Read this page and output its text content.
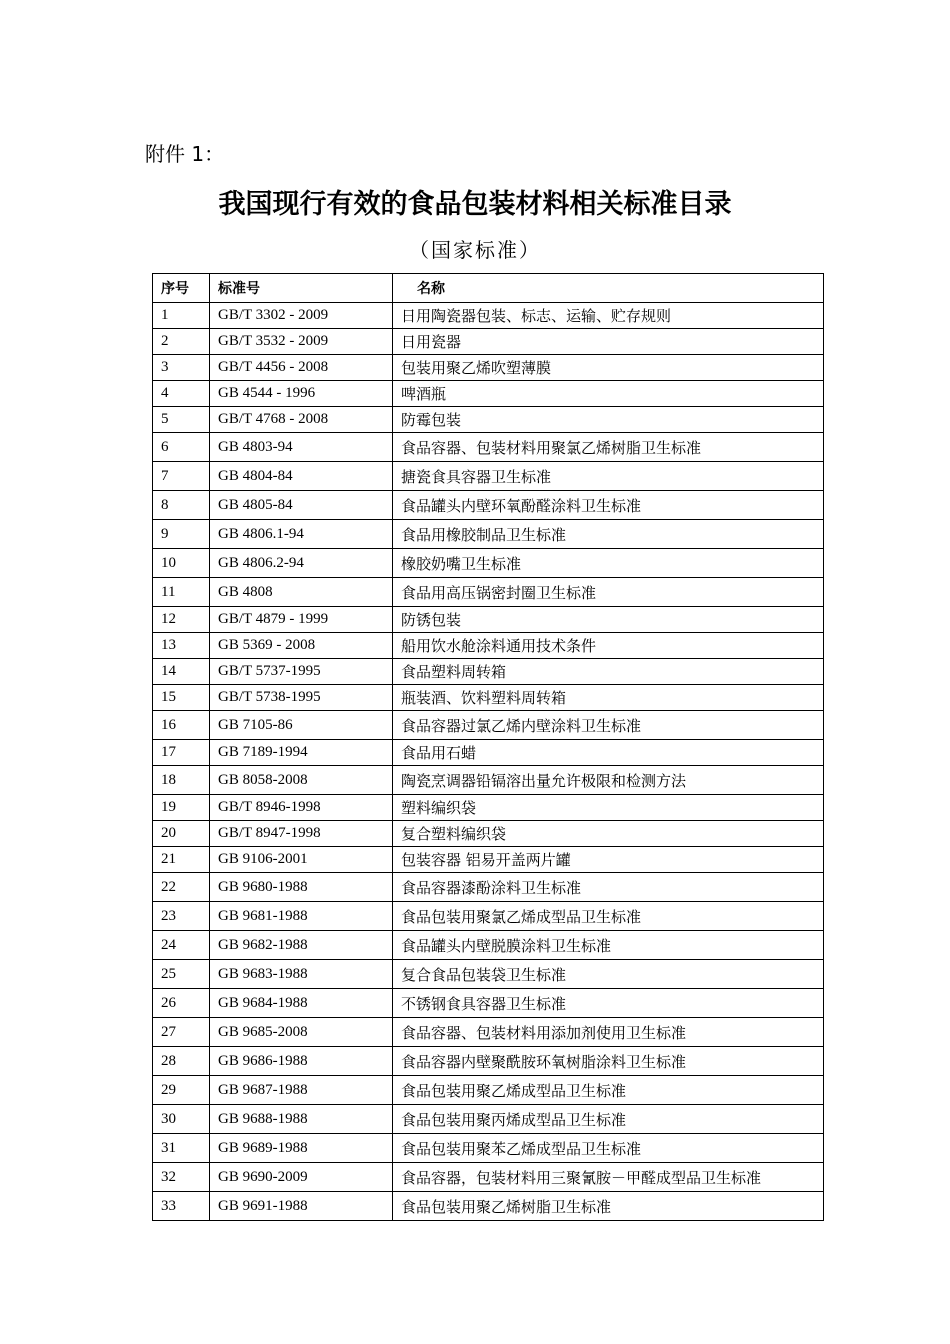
附件 1：
我国现行有效的食品包装材料相关标准目录
（国家标准）
序号	标准号	名称
1	GB/T 3302 - 2009	日用陶瓷器包装、标志、运输、贮存规则
2	GB/T 3532 - 2009	日用瓷器
3	GB/T 4456 - 2008	包装用聚乙烯吹塑薄膜
4	GB 4544 - 1996	啤酒瓶
5	GB/T 4768 - 2008	防霉包装
6	GB 4803-94	食品容器、包装材料用聚氯乙烯树脂卫生标准
7	GB 4804-84	搪瓷食具容器卫生标准
8	GB 4805-84	食品罐头内壁环氧酚醛涂料卫生标准
9	GB 4806.1-94	食品用橡胶制品卫生标准
10	GB 4806.2-94	橡胶奶嘴卫生标准
11	GB 4808	食品用高压锅密封圈卫生标准
12	GB/T 4879 - 1999	防锈包装
13	GB 5369 - 2008	船用饮水舱涂料通用技术条件
14	GB/T 5737-1995	食品塑料周转箱
15	GB/T 5738-1995	瓶装酒、饮料塑料周转箱
16	GB 7105-86	食品容器过氯乙烯内壁涂料卫生标准
17	GB 7189-1994	食品用石蜡
18	GB 8058-2008	陶瓷烹调器铅镉溶出量允许极限和检测方法
19	GB/T 8946-1998	塑料编织袋
20	GB/T 8947-1998	复合塑料编织袋
21	GB 9106-2001	包装容器 铝易开盖两片罐
22	GB 9680-1988	食品容器漆酚涂料卫生标准
23	GB 9681-1988	食品包装用聚氯乙烯成型品卫生标准
24	GB 9682-1988	食品罐头内壁脱膜涂料卫生标准
25	GB 9683-1988	复合食品包装袋卫生标准
26	GB 9684-1988	不锈钢食具容器卫生标准
27	GB 9685-2008	食品容器、包装材料用添加剂使用卫生标准
28	GB 9686-1988	食品容器内壁聚酰胺环氧树脂涂料卫生标准
29	GB 9687-1988	食品包装用聚乙烯成型品卫生标准
30	GB 9688-1988	食品包装用聚丙烯成型品卫生标准
31	GB 9689-1988	食品包装用聚苯乙烯成型品卫生标准
32	GB 9690-2009	食品容器，包装材料用三聚氰胺－甲醛成型品卫生标准
33	GB 9691-1988	食品包装用聚乙烯树脂卫生标准
